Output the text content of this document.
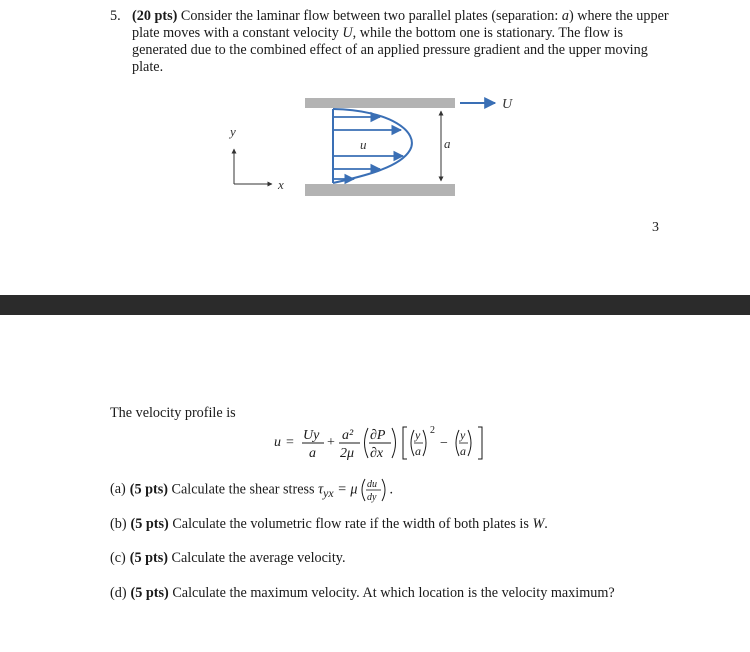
5. (20 pts) Consider the laminar flow between two parallel plates (separation: a) where the upper plate moves with a constant velocity U, while the bottom one is stationary. The flow is generated due to the combined effect of an applied pressure gradient and the upper moving plate.
U
u	a
y
x
3
The velocity profile is
u = Uy
a
+ a²
2μ
∂P
∂x
y
a
2
−
y
a
(a) (5 pts) Calculate the shear stress $\tau_{yx} = \mu$ du
dy
.
(b) (5 pts) Calculate the volumetric flow rate if the width of both plates is W.
(c) (5 pts) Calculate the average velocity.
(d) (5 pts) Calculate the maximum velocity. At which location is the velocity maximum?
